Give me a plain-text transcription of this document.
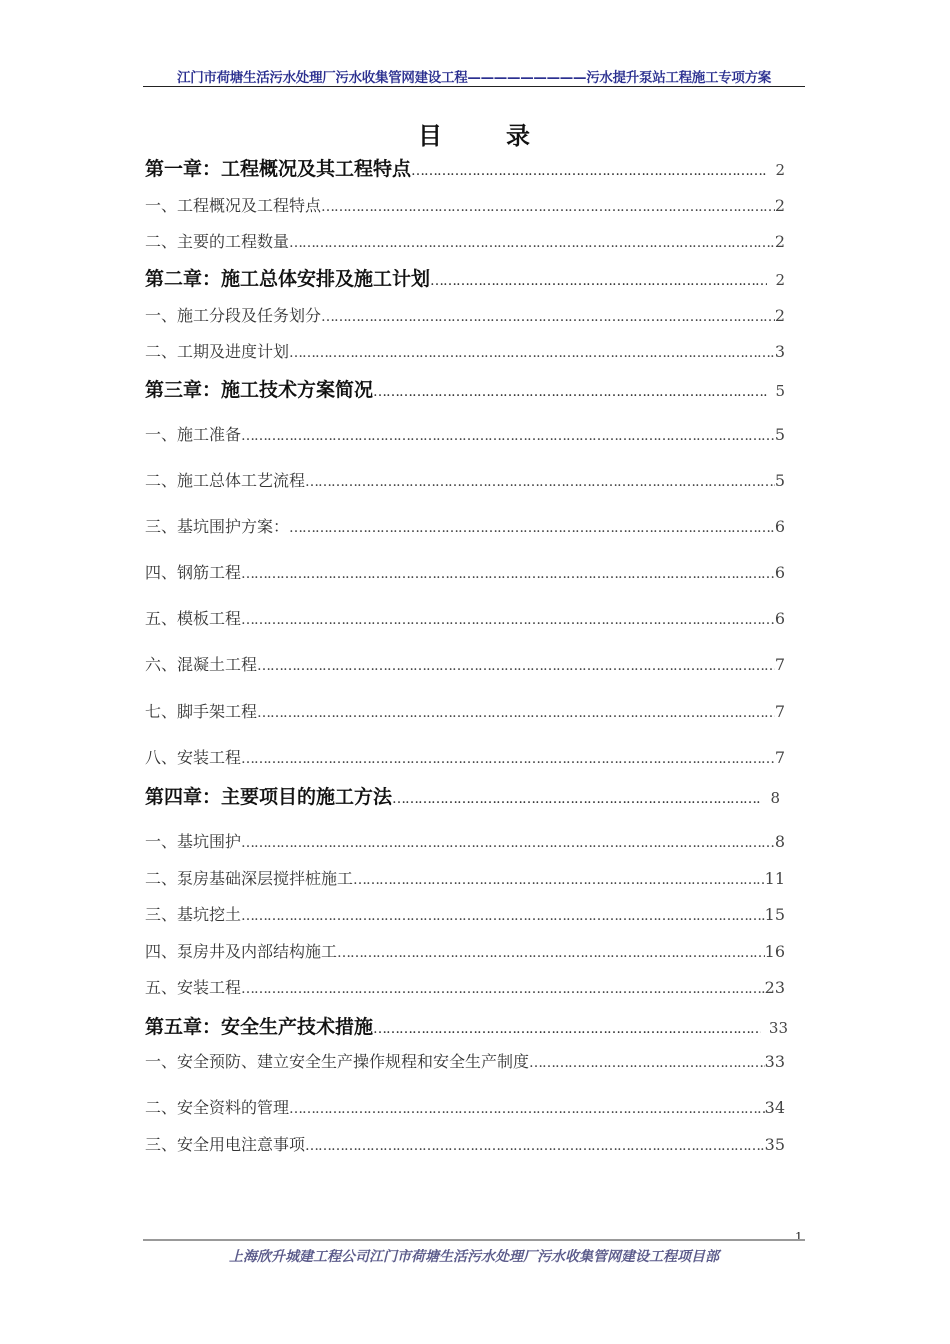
江门市荷塘生活污水处理厂污水收集管网建设工程—————————污水提升泵站工程施工专项方案
目	录
第一章：工程概况及其工程特点 …………………………………………………………………………………………………………………………………………………………………………………………………………………………………	2
一、工程概况及工程特点 …………………………………………………………………………………………………………………………………………………………………………………………………………………………………	2
二、主要的工程数量 …………………………………………………………………………………………………………………………………………………………………………………………………………………………………	2
第二章：施工总体安排及施工计划 …………………………………………………………………………………………………………………………………………………………………………………………………………………………………	2
一、施工分段及任务划分 …………………………………………………………………………………………………………………………………………………………………………………………………………………………………	2
二、工期及进度计划 …………………………………………………………………………………………………………………………………………………………………………………………………………………………………	3
第三章：施工技术方案简况 …………………………………………………………………………………………………………………………………………………………………………………………………………………………………	5
一、施工准备 …………………………………………………………………………………………………………………………………………………………………………………………………………………………………	5
二、施工总体工艺流程 …………………………………………………………………………………………………………………………………………………………………………………………………………………………………	5
三、基坑围护方案： …………………………………………………………………………………………………………………………………………………………………………………………………………………………………	6
四、钢筋工程 …………………………………………………………………………………………………………………………………………………………………………………………………………………………………	6
五、模板工程 …………………………………………………………………………………………………………………………………………………………………………………………………………………………………	6
六、混凝土工程 …………………………………………………………………………………………………………………………………………………………………………………………………………………………………	7
七、脚手架工程 …………………………………………………………………………………………………………………………………………………………………………………………………………………………………	7
八、安装工程 …………………………………………………………………………………………………………………………………………………………………………………………………………………………………	7
第四章：主要项目的施工方法 …………………………………………………………………………………………………………………………………………………………………………………………………………………………………	8
一、基坑围护 …………………………………………………………………………………………………………………………………………………………………………………………………………………………………	8
二、泵房基础深层搅拌桩施工 …………………………………………………………………………………………………………………………………………………………………………………………………………………………………	11
三、基坑挖土 …………………………………………………………………………………………………………………………………………………………………………………………………………………………………	15
四、泵房井及内部结构施工 …………………………………………………………………………………………………………………………………………………………………………………………………………………………………	16
五、安装工程 …………………………………………………………………………………………………………………………………………………………………………………………………………………………………	23
第五章：安全生产技术措施 …………………………………………………………………………………………………………………………………………………………………………………………………………………………………	33
一、安全预防、建立安全生产操作规程和安全生产制度 …………………………………………………………………………………………………………………………………………………………………………………………………………………………………	33
二、安全资料的管理 …………………………………………………………………………………………………………………………………………………………………………………………………………………………………	34
三、安全用电注意事项 …………………………………………………………………………………………………………………………………………………………………………………………………………………………………	35
1
上海欣升城建工程公司江门市荷塘生活污水处理厂污水收集管网建设工程项目部
